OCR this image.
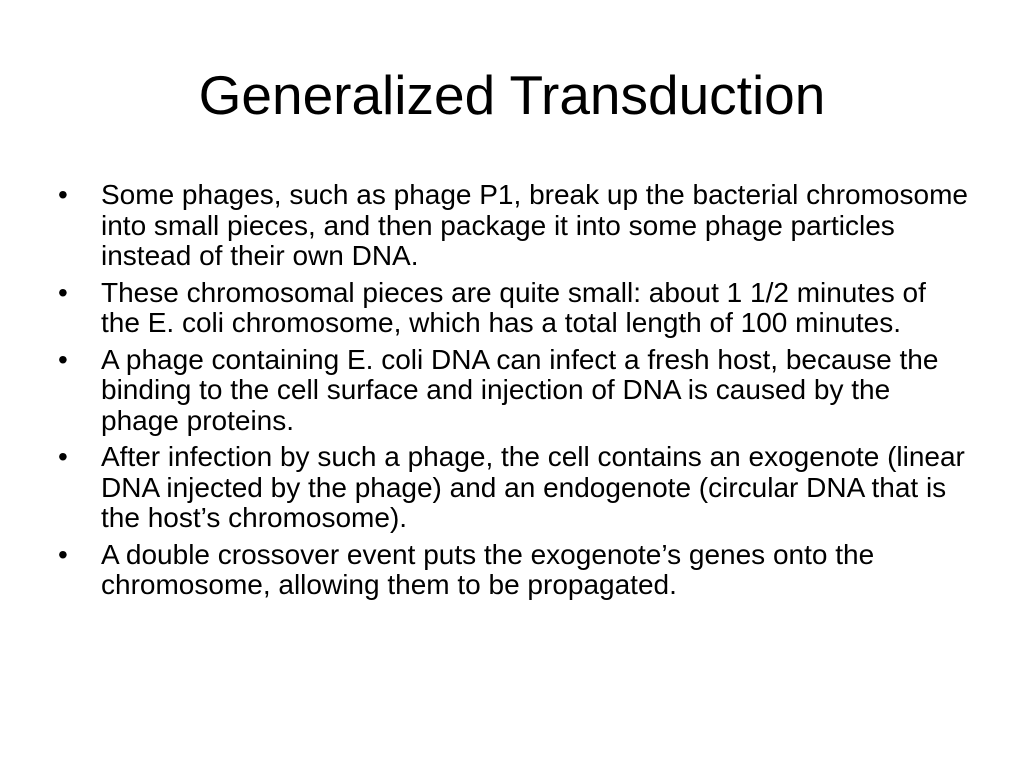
Generalized Transduction
•	Some phages, such as phage P1, break up the bacterial chromosome into small pieces, and then package it into some phage particles instead of their own DNA.
•	These chromosomal pieces are quite small: about 1 1/2 minutes of the E. coli chromosome, which has a total length of 100 minutes.
•	A phage containing E. coli DNA can infect a fresh host, because the binding to the cell surface and injection of DNA is caused by the phage proteins.
•	After infection by such a phage, the cell contains an exogenote (linear DNA injected by the phage) and an endogenote (circular DNA that is the host’s chromosome).
•	A double crossover event puts the exogenote’s genes onto the chromosome, allowing them to be propagated.
